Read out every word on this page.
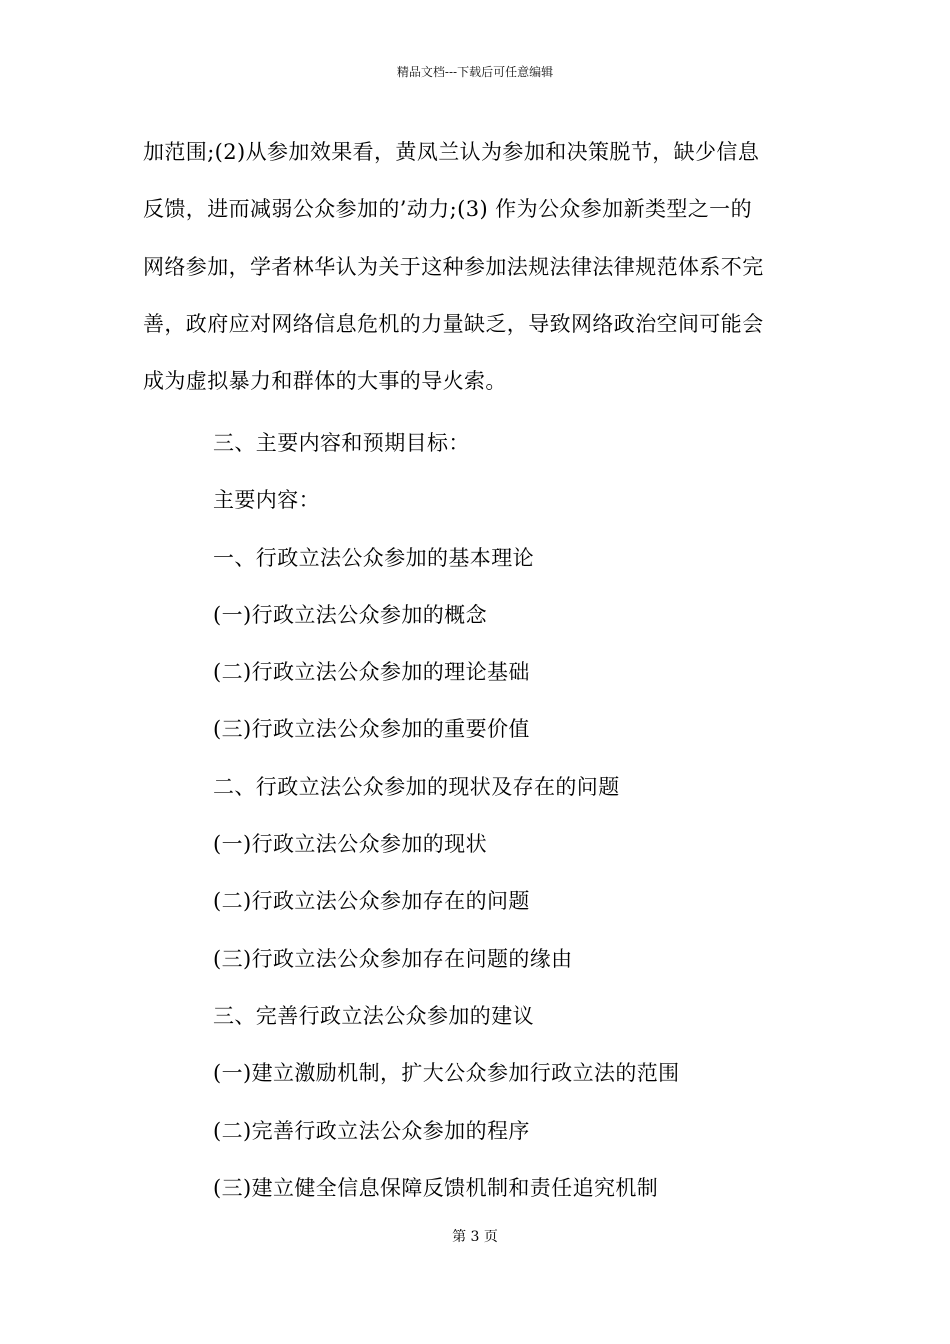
精品文档---下载后可任意编辑
加范围;(2)从参加效果看，黄凤兰认为参加和决策脱节，缺少信息
反馈，进而减弱公众参加的’动力;(3) 作为公众参加新类型之一的
网络参加，学者林华认为关于这种参加法规法律法律规范体系不完
善，政府应对网络信息危机的力量缺乏，导致网络政治空间可能会
成为虚拟暴力和群体的大事的导火索。
三、主要内容和预期目标：
主要内容：
一、行政立法公众参加的基本理论
(一)行政立法公众参加的概念
(二)行政立法公众参加的理论基础
(三)行政立法公众参加的重要价值
二、行政立法公众参加的现状及存在的问题
(一)行政立法公众参加的现状
(二)行政立法公众参加存在的问题
(三)行政立法公众参加存在问题的缘由
三、完善行政立法公众参加的建议
(一)建立激励机制，扩大公众参加行政立法的范围
(二)完善行政立法公众参加的程序
(三)建立健全信息保障反馈机制和责任追究机制
第 3 页
